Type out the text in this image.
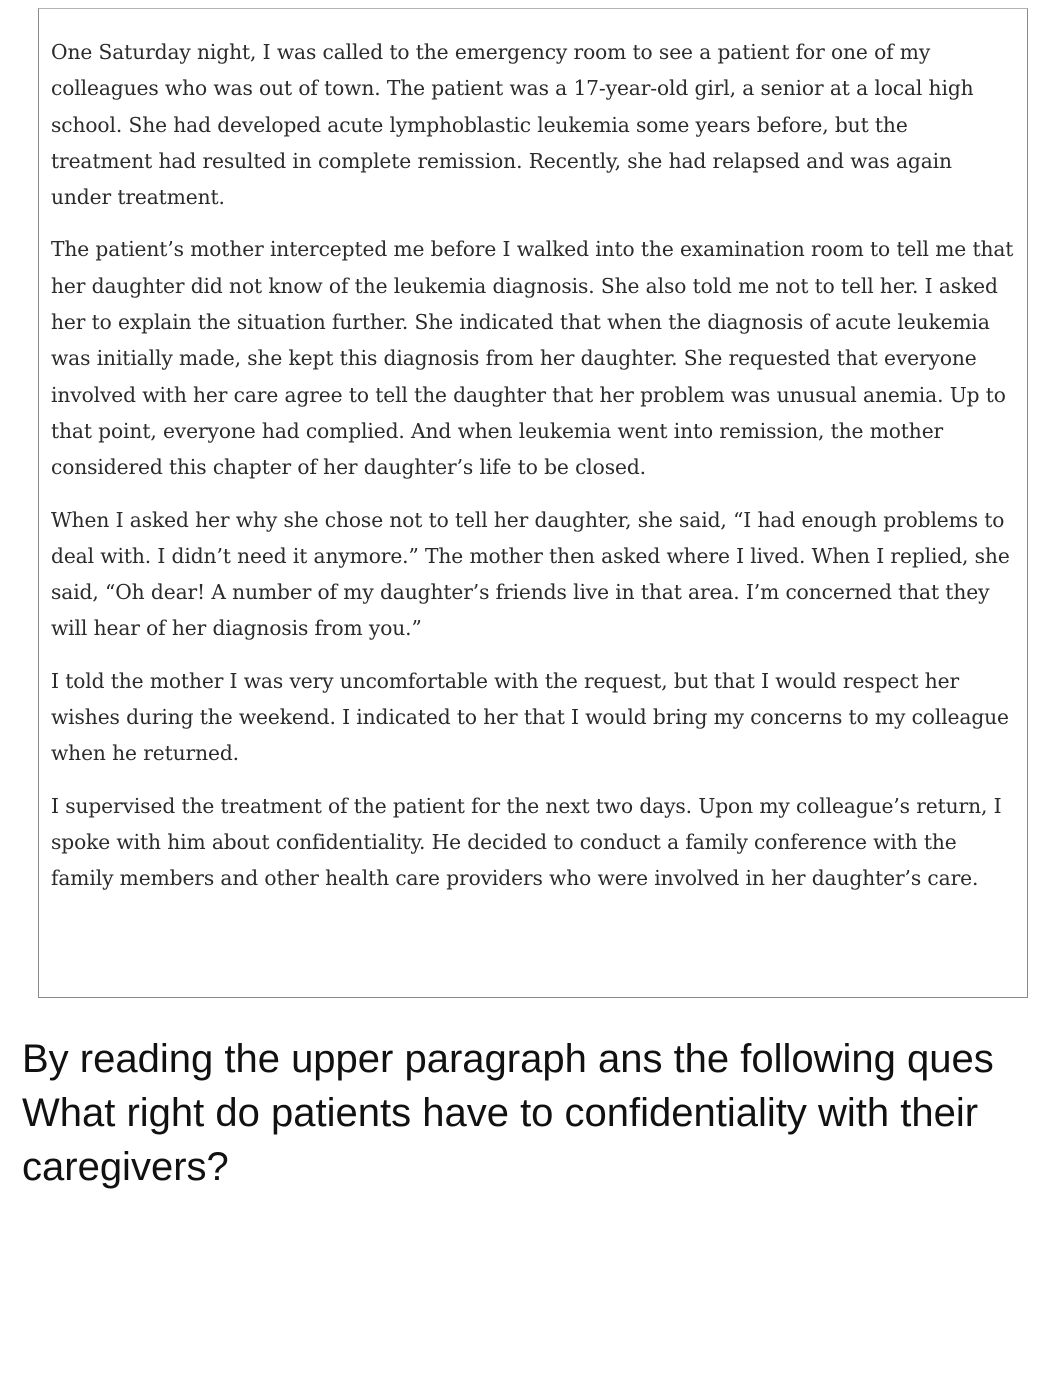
One Saturday night, I was called to the emergency room to see a patient for one of my colleagues who was out of town. The patient was a 17-year-old girl, a senior at a local high school. She had developed acute lymphoblastic leukemia some years before, but the treatment had resulted in complete remission. Recently, she had relapsed and was again under treatment.

The patient’s mother intercepted me before I walked into the examination room to tell me that her daughter did not know of the leukemia diagnosis. She also told me not to tell her. I asked her to explain the situation further. She indicated that when the diagnosis of acute leukemia was initially made, she kept this diagnosis from her daughter. She requested that everyone involved with her care agree to tell the daughter that her problem was unusual anemia. Up to that point, everyone had complied. And when leukemia went into remission, the mother considered this chapter of her daughter’s life to be closed.

When I asked her why she chose not to tell her daughter, she said, “I had enough problems to deal with. I didn’t need it anymore.” The mother then asked where I lived. When I replied, she said, “Oh dear! A number of my daughter’s friends live in that area. I’m concerned that they will hear of her diagnosis from you.”

I told the mother I was very uncomfortable with the request, but that I would respect her wishes during the weekend. I indicated to her that I would bring my concerns to my colleague when he returned.

I supervised the treatment of the patient for the next two days. Upon my colleague’s return, I spoke with him about confidentiality. He decided to conduct a family conference with the family members and other health care providers who were involved in her daughter’s care.

By reading the upper paragraph ans the following ques
What right do patients have to confidentiality with their caregivers?
